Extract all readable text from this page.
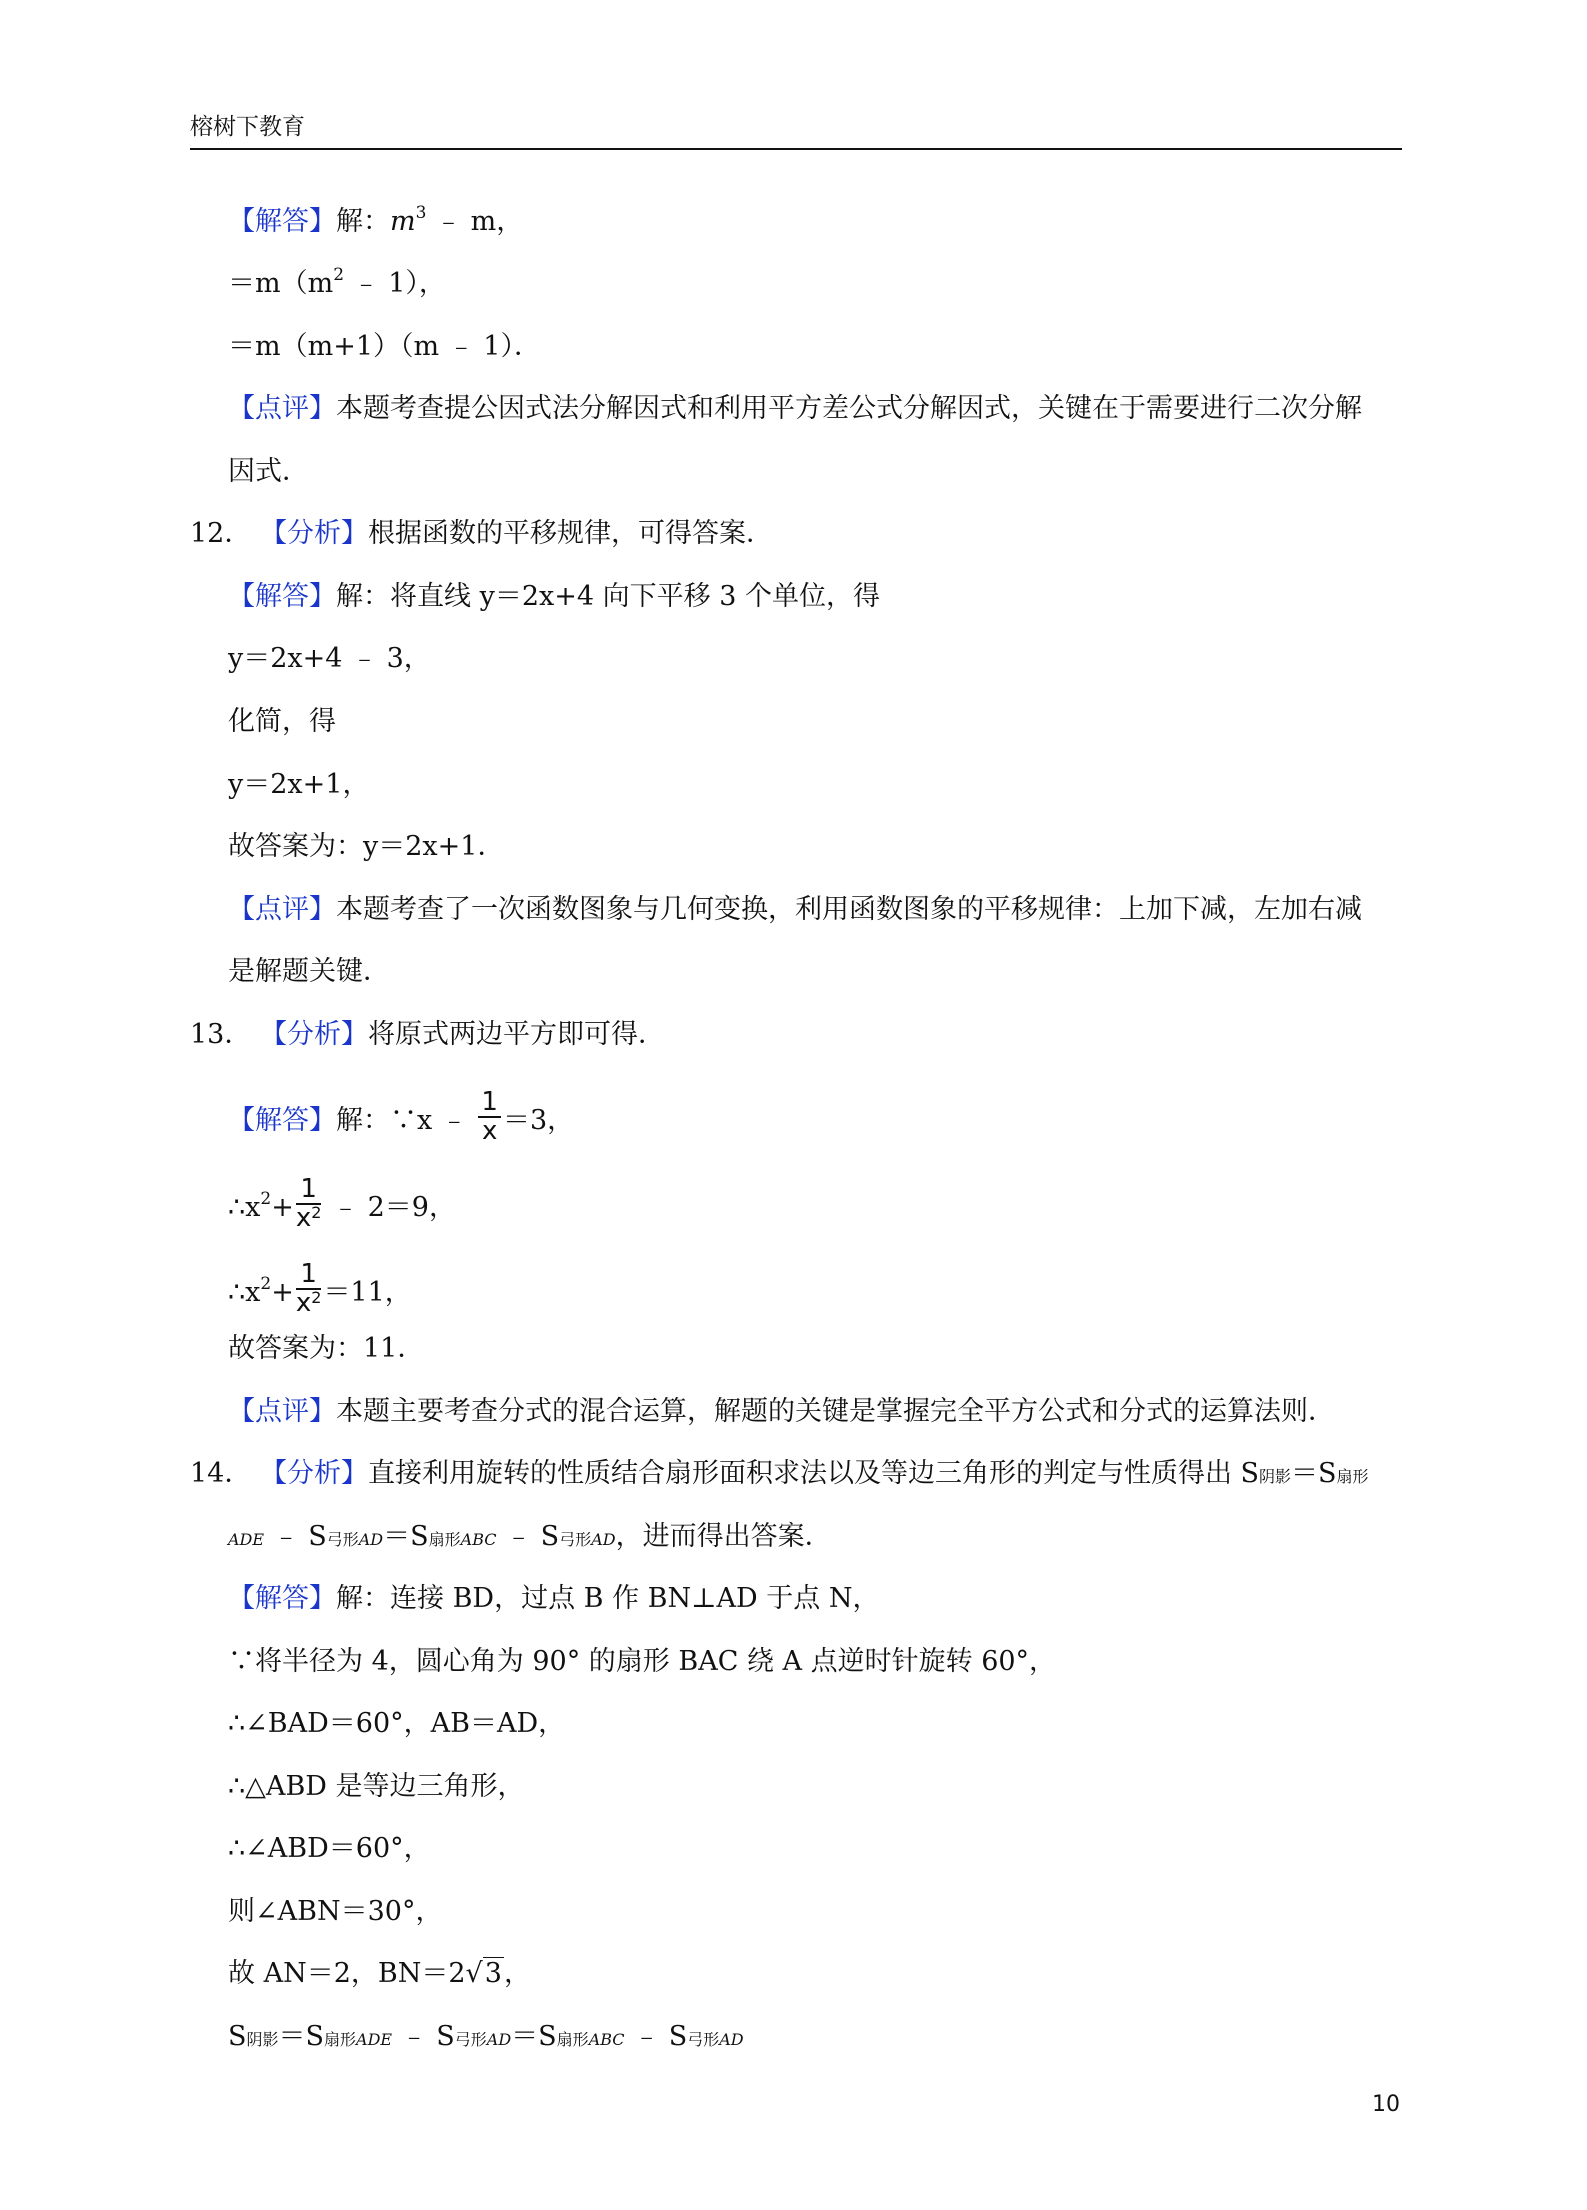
榕树下教育
【解答】解：$m^3$ ﹣ m，
$=m(m^2$ ﹣ 1），
＝m（m+1）（m ﹣ 1）．
【点评】本题考查提公因式法分解因式和利用平方差公式分解因式，关键在于需要进行二次分解
因式．
12． 【分析】根据函数的平移规律，可得答案．
【解答】解：将直线 y＝2x+4 向下平移 3 个单位，得
y＝2x+4 ﹣ 3，
化简，得
y＝2x+1，
故答案为：y＝2x+1．
【点评】本题考查了一次函数图象与几何变换，利用函数图象的平移规律：上加下减，左加右减
是解题关键．
13． 【分析】将原式两边平方即可得．
【解答】解：∵x ﹣ $\frac{1}{x} =3$，
$\therefore x^2+ \frac{1}{x^2}$ ﹣ 2＝9，
$\therefore x^2+ \frac{1}{x^2} =11$，
故答案为：11．
【点评】本题主要考查分式的混合运算，解题的关键是掌握完全平方公式和分式的运算法则．
14． 【分析】直接利用旋转的性质结合扇形面积求法以及等边三角形的判定与性质得出 S阴影＝S扇形
ADE ﹣ S弓形AD＝S扇形ABC ﹣ S弓形AD，进而得出答案．
【解答】解：连接 BD，过点 B 作 BN⊥AD 于点 N，
∵将半径为 4，圆心角为 90° 的扇形 BAC 绕 A 点逆时针旋转 60°，
∴∠BAD＝60°，AB＝AD，
∴△ABD 是等边三角形，
∴∠ABD＝60°，
则∠ABN＝30°，
故 AN＝2，BN＝2√3，
S阴影＝S扇形ADE ﹣ S弓形AD＝S扇形ABC ﹣ S弓形AD
10
